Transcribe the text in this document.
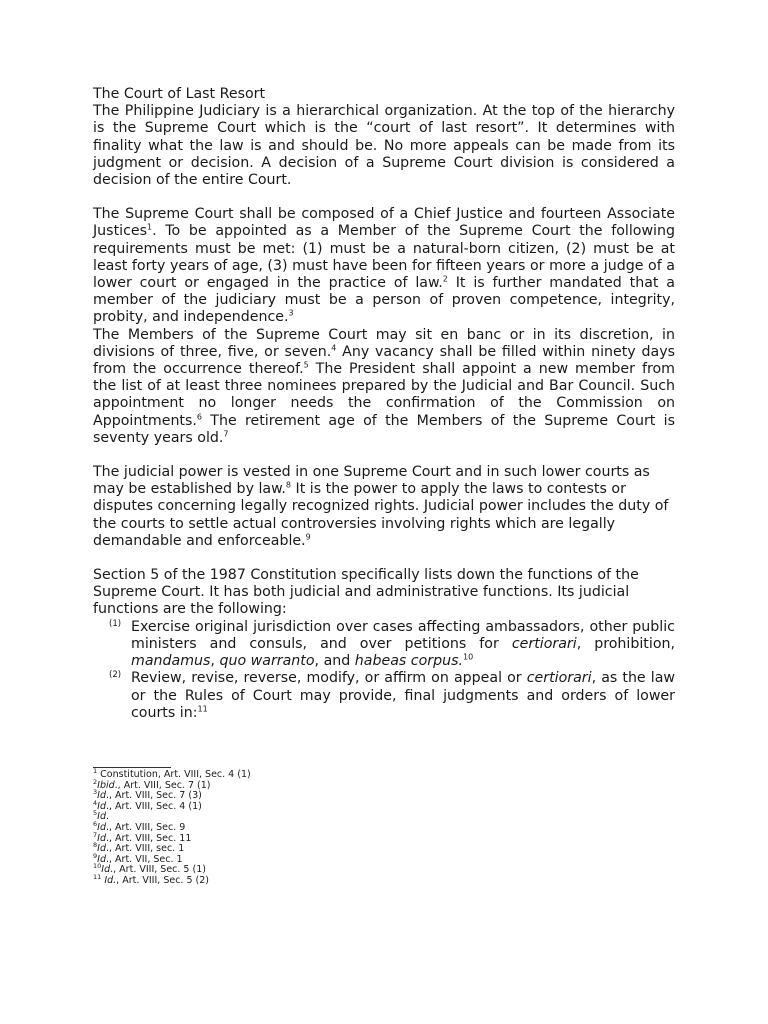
The Court of Last Resort

The Philippine Judiciary is a hierarchical organization. At the top of the hierarchy is the Supreme Court which is the “court of last resort”. It determines with finality what the law is and should be. No more appeals can be made from its judgment or decision. A decision of a Supreme Court division is considered a decision of the entire Court.

The Supreme Court shall be composed of a Chief Justice and fourteen Associate Justices$^1$. To be appointed as a Member of the Supreme Court the following requirements must be met: (1) must be a natural-born citizen, (2) must be at least forty years of age, (3) must have been for fifteen years or more a judge of a lower court or engaged in the practice of law.$^2$ It is further mandated that a member of the judiciary must be a person of proven competence, integrity, probity, and independence.$^3$

The Members of the Supreme Court may sit en banc or in its discretion, in divisions of three, five, or seven.$^4$ Any vacancy shall be filled within ninety days from the occurrence thereof.$^5$ The President shall appoint a new member from the list of at least three nominees prepared by the Judicial and Bar Council. Such appointment no longer needs the confirmation of the Commission on Appointments.$^6$ The retirement age of the Members of the Supreme Court is seventy years old.$^7$

The judicial power is vested in one Supreme Court and in such lower courts as may be established by law.$^8$ It is the power to apply the laws to contests or disputes concerning legally recognized rights. Judicial power includes the duty of the courts to settle actual controversies involving rights which are legally demandable and enforceable.$^9$

Section 5 of the 1987 Constitution specifically lists down the functions of the Supreme Court. It has both judicial and administrative functions. Its judicial functions are the following:

(1) Exercise original jurisdiction over cases affecting ambassadors, other public ministers and consuls, and over petitions for certiorari, prohibition, mandamus, quo warranto, and habeas corpus.$^{10}$
(2) Review, revise, reverse, modify, or affirm on appeal or certiorari, as the law or the Rules of Court may provide, final judgments and orders of lower courts in:$^{11}$
$^1$ Constitution, Art. VIII, Sec. 4 (1)
$^2$Ibid., Art. VIII, Sec. 7 (1)
$^3$Id., Art. VIII, Sec. 7 (3)
$^4$Id., Art. VIII, Sec. 4 (1)
$^5$Id.
$^6$Id., Art. VIII, Sec. 9
$^7$Id., Art. VIII, Sec. 11
$^8$Id., Art. VIII, sec. 1
$^9$Id., Art. VII, Sec. 1
$^{10}$Id., Art. VIII, Sec. 5 (1)
$^{11}$ Id., Art. VIII, Sec. 5 (2)
